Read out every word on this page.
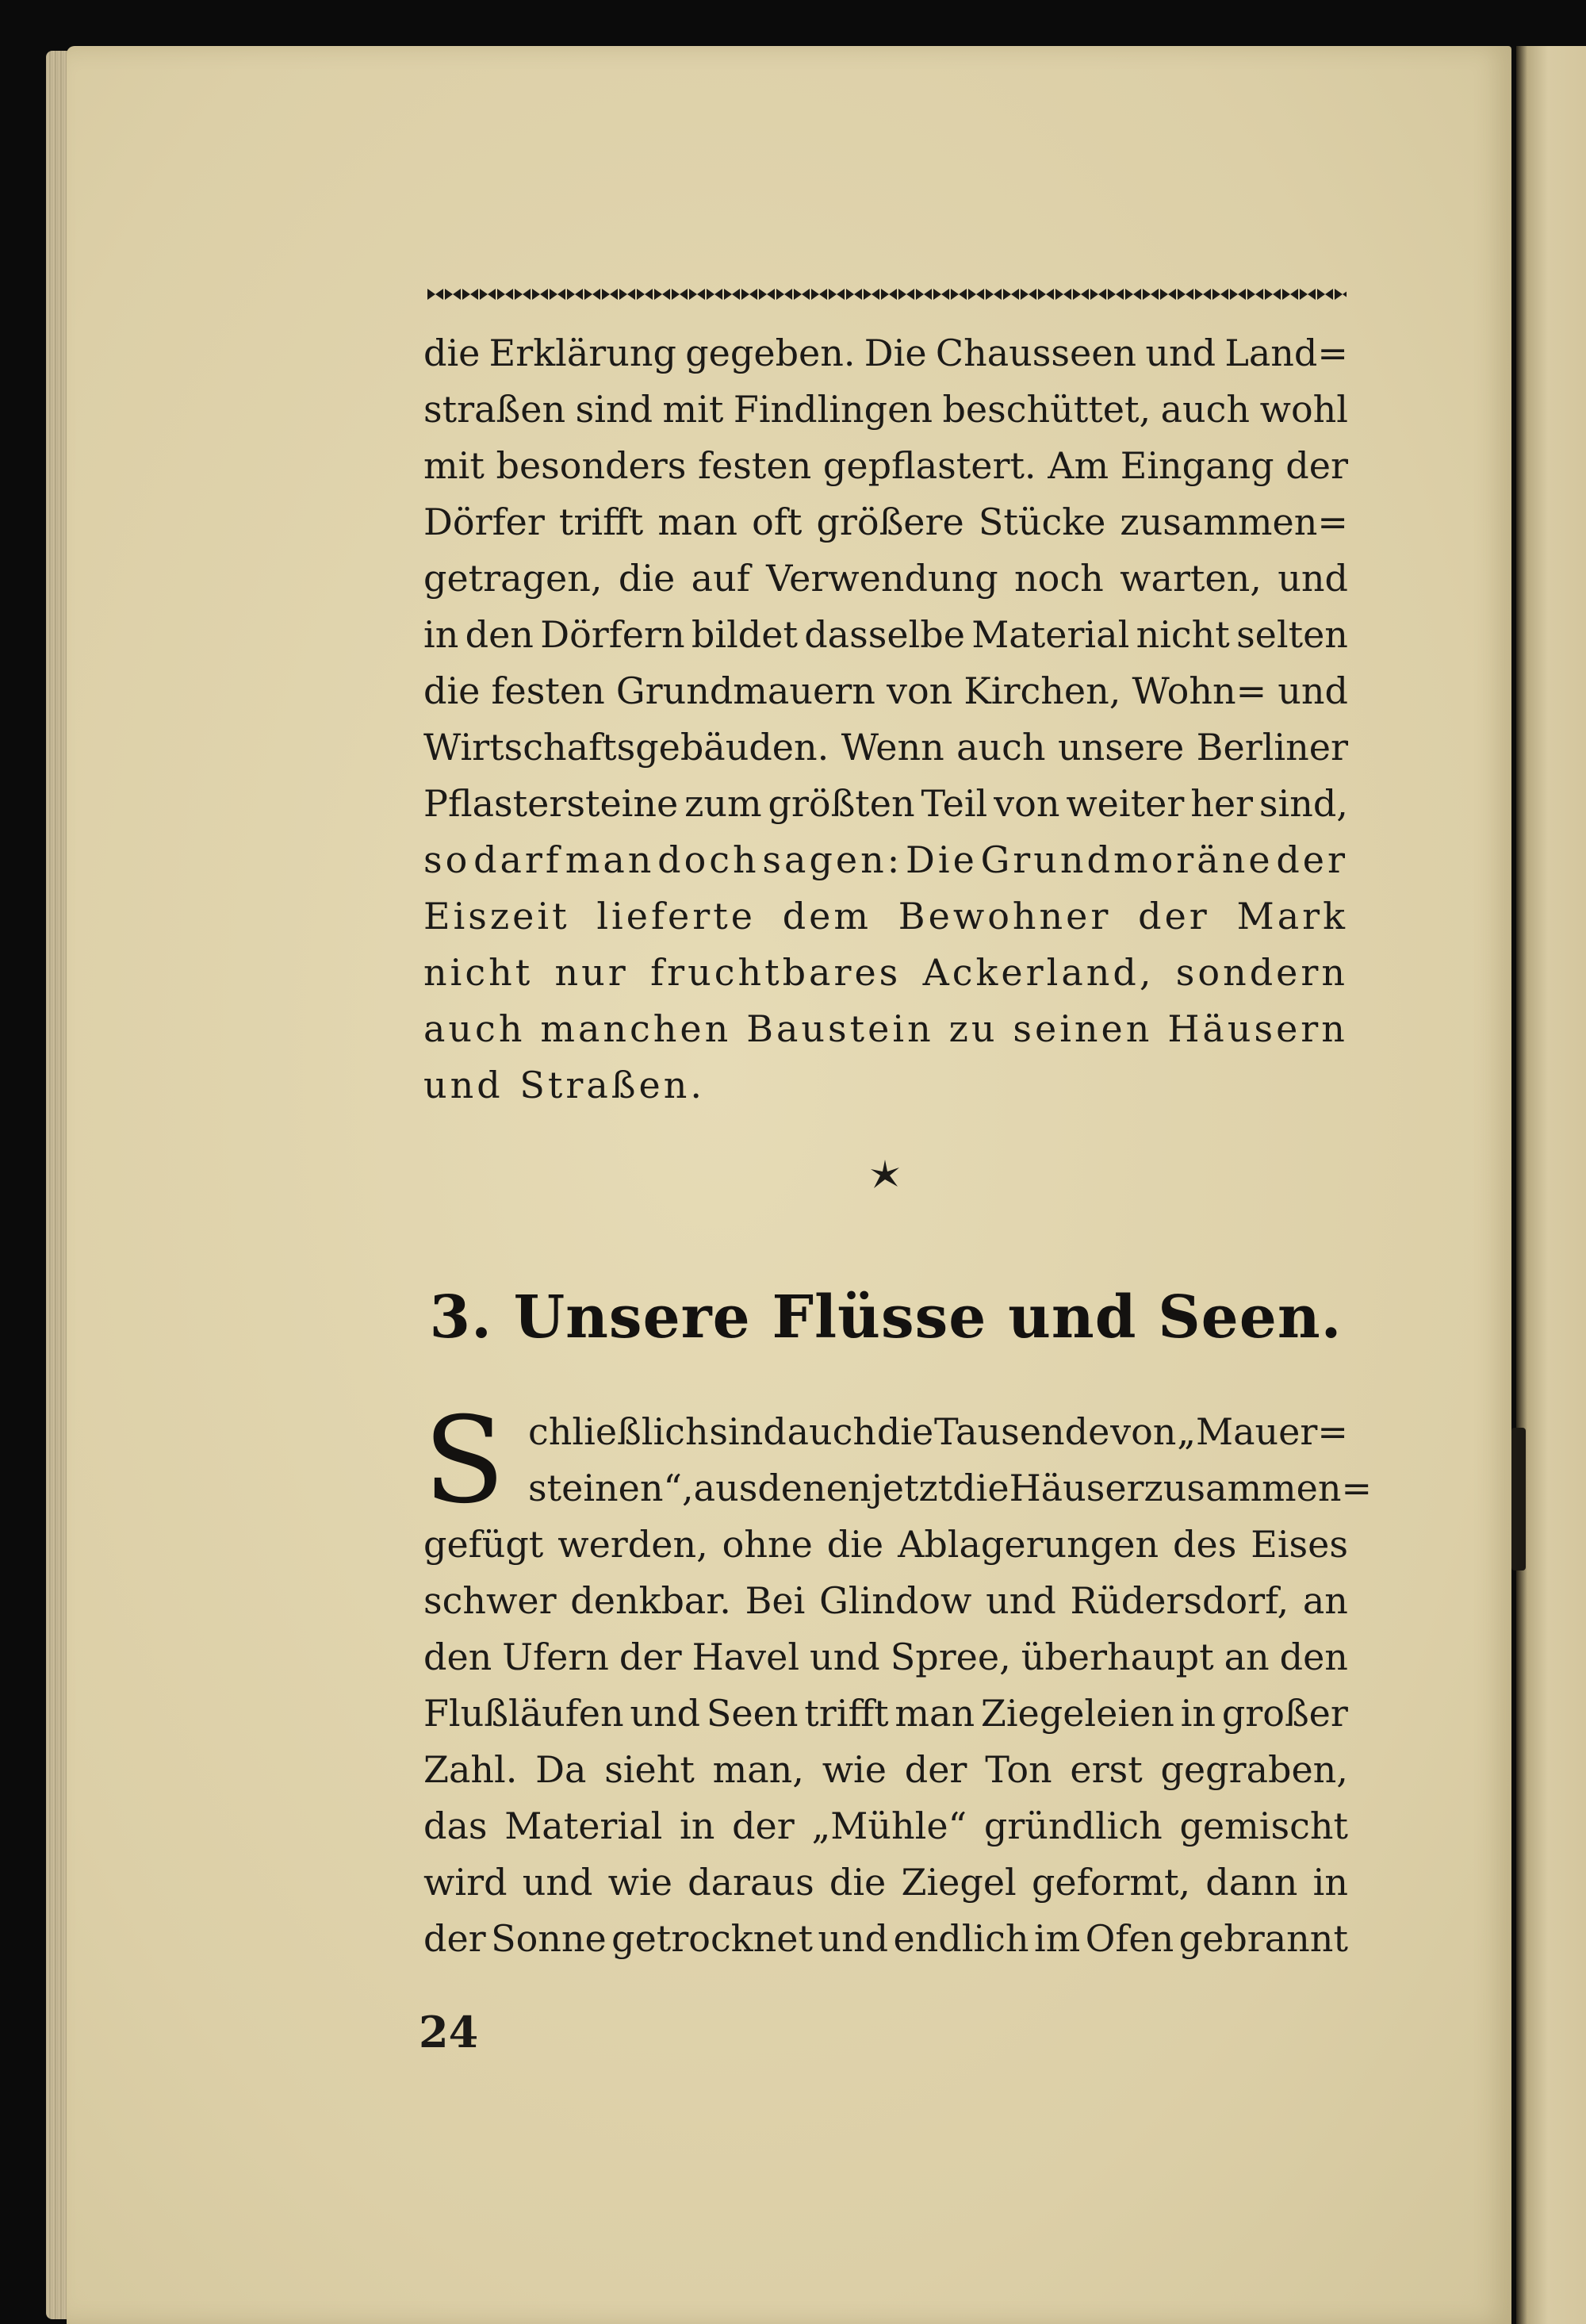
die Erklärung gegeben. Die Chausseen und Land=
straßen sind mit Findlingen beschüttet, auch wohl
mit besonders festen gepflastert. Am Eingang der
Dörfer trifft man oft größere Stücke zusammen=
getragen, die auf Verwendung noch warten, und
in den Dörfern bildet dasselbe Material nicht selten
die festen Grundmauern von Kirchen, Wohn= und
Wirtschaftsgebäuden. Wenn auch unsere Berliner
Pflastersteine zum größten Teil von weiter her sind,
so darf man doch sagen: Die Grundmoräne der
Eiszeit lieferte dem Bewohner der Mark
nicht nur fruchtbares Ackerland, sondern
auch manchen Baustein zu seinen Häusern
und Straßen.
3. Unsere Flüsse und Seen.
S chließlich sind auch die Tausende von „Mauer=
steinen“, aus denen jetzt die Häuser zusammen=
gefügt werden, ohne die Ablagerungen des Eises
schwer denkbar. Bei Glindow und Rüdersdorf, an
den Ufern der Havel und Spree, überhaupt an den
Flußläufen und Seen trifft man Ziegeleien in großer
Zahl. Da sieht man, wie der Ton erst gegraben,
das Material in der „Mühle“ gründlich gemischt
wird und wie daraus die Ziegel geformt, dann in
der Sonne getrocknet und endlich im Ofen gebrannt
24
